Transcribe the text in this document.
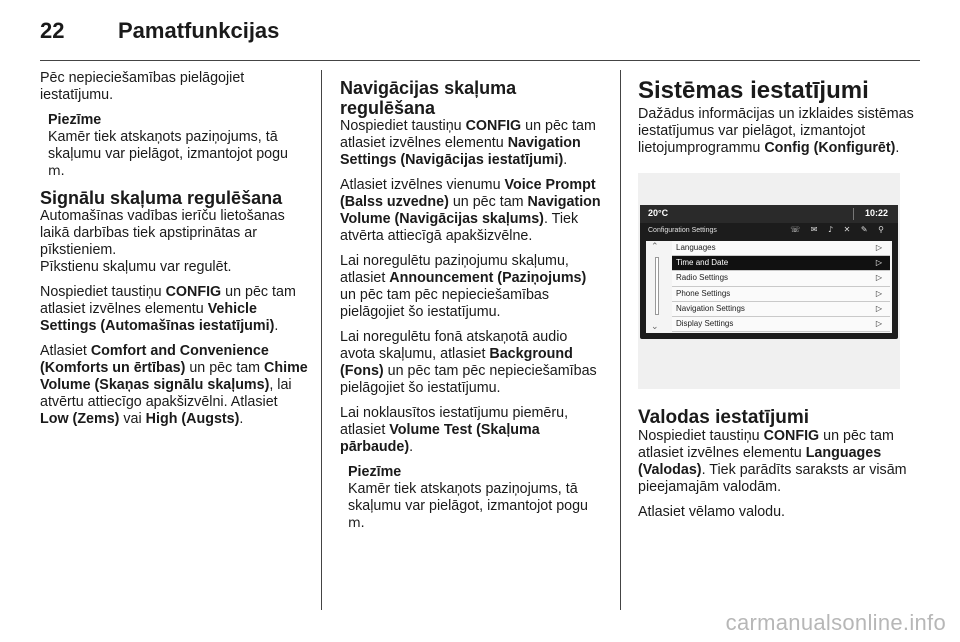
22 Pamatfunkcijas
Pēc nepieciešamības pielāgojiet iestatījumu.
Piezīme
Kamēr tiek atskaņots paziņojums, tā skaļumu var pielāgot, izmantojot pogu m.
Signālu skaļuma regulēšana
Automašīnas vadības ierīču lietošanas laikā darbības tiek apstiprinātas ar pīkstieniem.
Pīkstienu skaļumu var regulēt.
Nospiediet taustiņu CONFIG un pēc tam atlasiet izvēlnes elementu Vehicle Settings (Automašīnas iestatījumi).
Atlasiet Comfort and Convenience (Komforts un ērtības) un pēc tam Chime Volume (Skaņas signālu skaļums), lai atvērtu attiecīgo apakšizvēlni. Atlasiet Low (Zems) vai High (Augsts).
Navigācijas skaļuma regulēšana
Nospiediet taustiņu CONFIG un pēc tam atlasiet izvēlnes elementu Navigation Settings (Navigācijas iestatījumi).
Atlasiet izvēlnes vienumu Voice Prompt (Balss uzvedne) un pēc tam Navigation Volume (Navigācijas skaļums). Tiek atvērta attiecīgā apakšizvēlne.
Lai noregulētu paziņojumu skaļumu, atlasiet Announcement (Paziņojums) un pēc tam pēc nepieciešamības pielāgojiet šo iestatījumu.
Lai noregulētu fonā atskaņotā audio avota skaļumu, atlasiet Background (Fons) un pēc tam pēc nepieciešamības pielāgojiet šo iestatījumu.
Lai noklausītos iestatījumu piemēru, atlasiet Volume Test (Skaļuma pārbaude).
Piezīme
Kamēr tiek atskaņots paziņojums, tā skaļumu var pielāgot, izmantojot pogu m.
Sistēmas iestatījumi
Dažādus informācijas un izklaides sistēmas iestatījumus var pielāgot, izmantojot lietojumprogrammu Config (Konfigurēt).
20°C	10:22
Configuration Settings	☏ ✉ ♪ ✕ ✎ ⚲
⌃
⌄
Languages	▷
Time and Date	▷
Radio Settings	▷
Phone Settings	▷
Navigation Settings	▷
Display Settings	▷
Valodas iestatījumi
Nospiediet taustiņu CONFIG un pēc tam atlasiet izvēlnes elementu Languages (Valodas). Tiek parādīts saraksts ar visām pieejamajām valodām.
Atlasiet vēlamo valodu.
carmanualsonline.info
